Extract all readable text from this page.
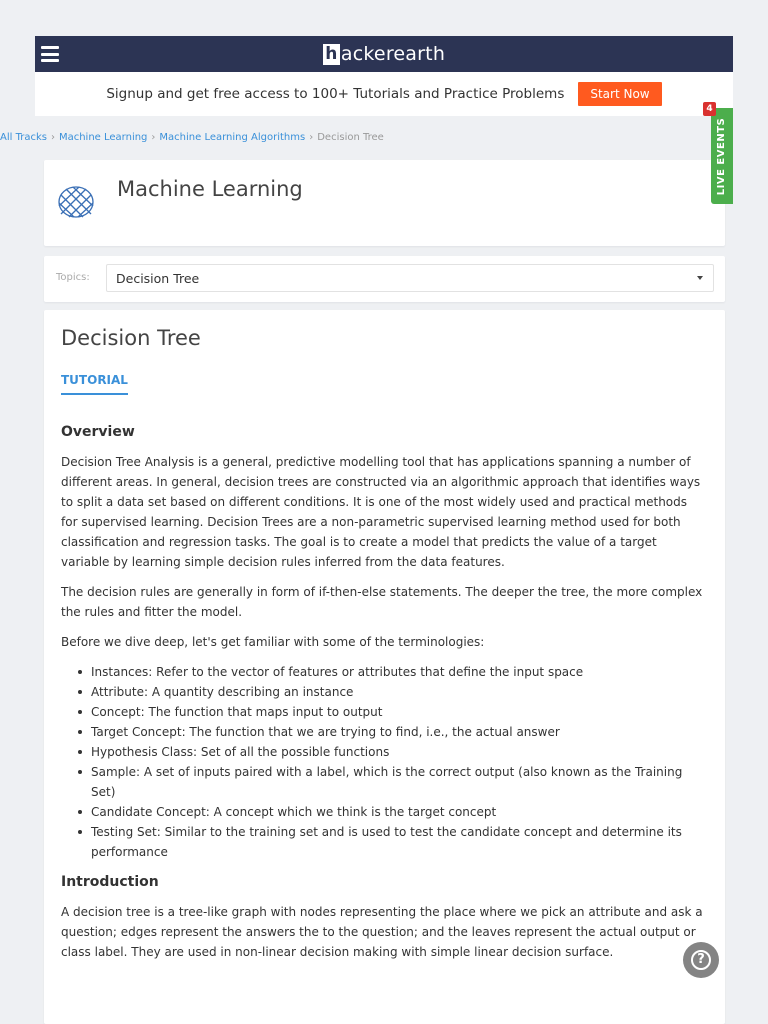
h ackerearth
Signup and get free access to 100+ Tutorials and Practice Problems	Start Now
All Tracks › Machine Learning › Machine Learning Algorithms › Decision Tree
Machine Learning
Topics:	Decision Tree
Decision Tree
TUTORIAL
Overview

Decision Tree Analysis is a general, predictive modelling tool that has applications spanning a number of different areas. In general, decision trees are constructed via an algorithmic approach that identifies ways to split a data set based on different conditions. It is one of the most widely used and practical methods for supervised learning. Decision Trees are a non-parametric supervised learning method used for both classification and regression tasks. The goal is to create a model that predicts the value of a target variable by learning simple decision rules inferred from the data features.

The decision rules are generally in form of if-then-else statements. The deeper the tree, the more complex the rules and fitter the model.

Before we dive deep, let's get familiar with some of the terminologies:

Instances: Refer to the vector of features or attributes that define the input space
Attribute: A quantity describing an instance
Concept: The function that maps input to output
Target Concept: The function that we are trying to find, i.e., the actual answer
Hypothesis Class: Set of all the possible functions
Sample: A set of inputs paired with a label, which is the correct output (also known as the Training Set)
Candidate Concept: A concept which we think is the target concept
Testing Set: Similar to the training set and is used to test the candidate concept and determine its performance
Introduction

A decision tree is a tree-like graph with nodes representing the place where we pick an attribute and ask a question; edges represent the answers the to the question; and the leaves represent the actual output or class label. They are used in non-linear decision making with simple linear decision surface.

LIVE EVENTS
4
?
